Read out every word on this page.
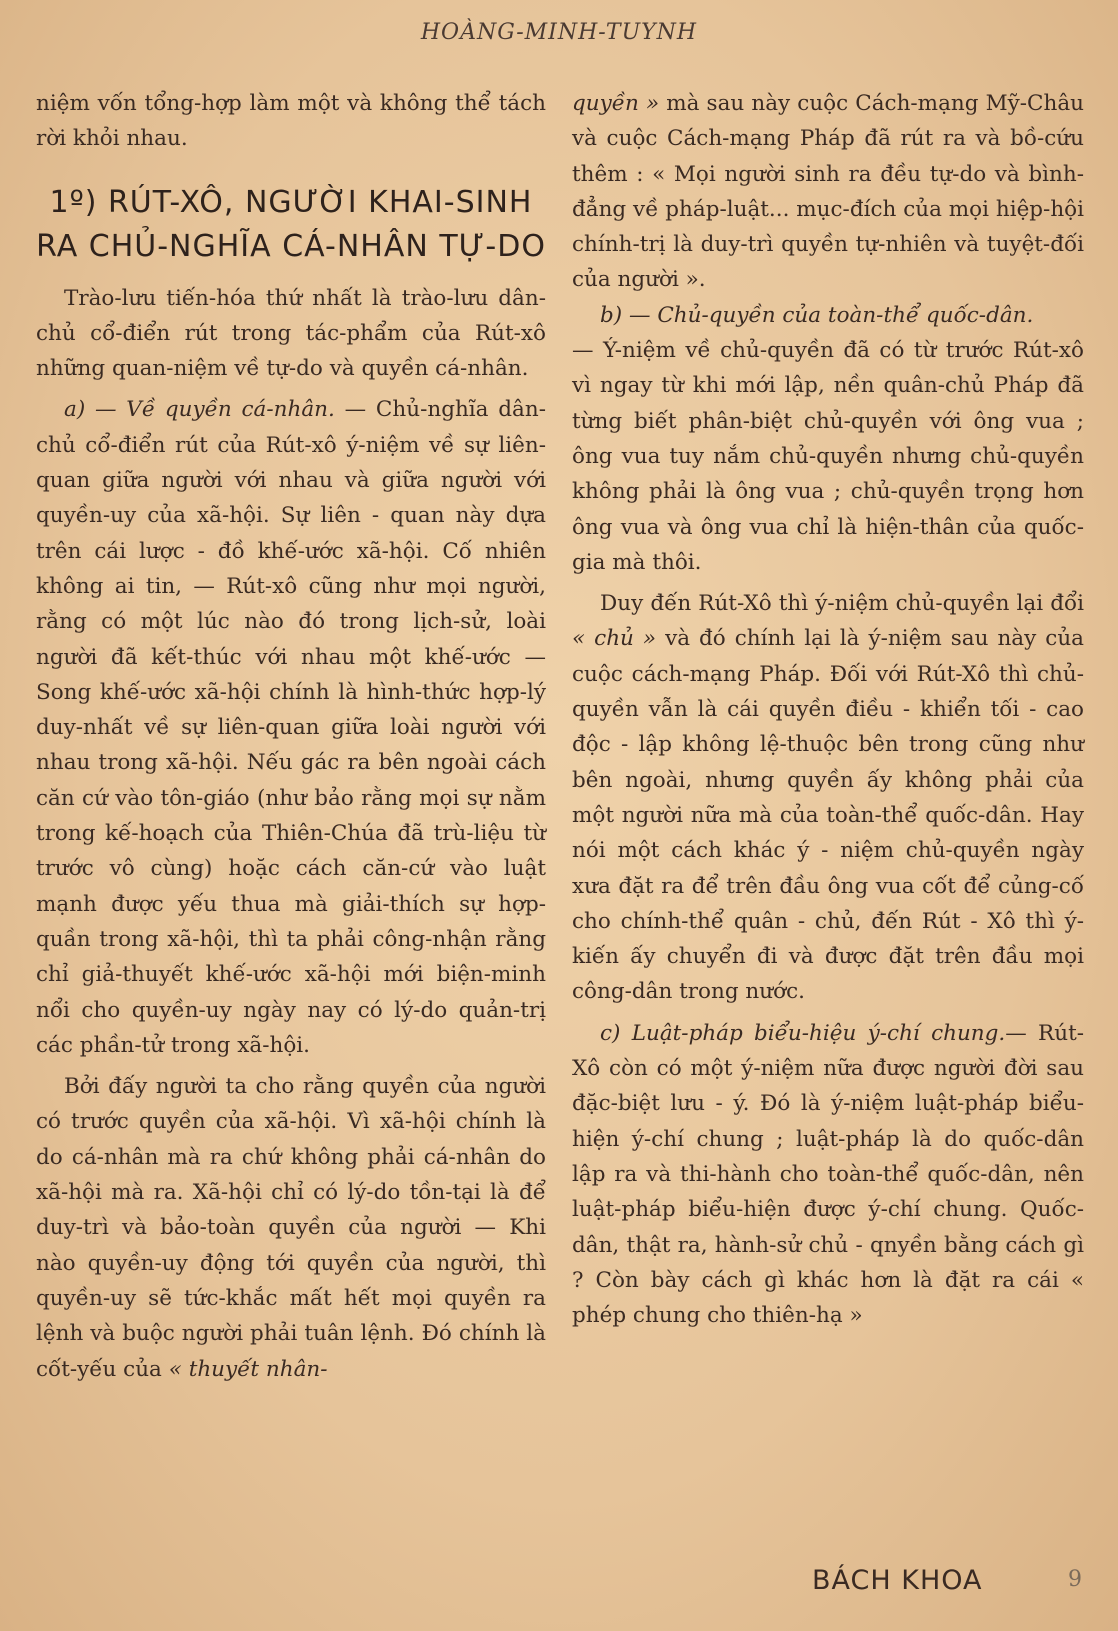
HOÀNG-MINH-TUYNH

niệm vốn tổng-hợp làm một và không thể tách rời khỏi nhau.

1º) RÚT-XÔ, NGƯỜI KHAI-SINH RA CHỦ-NGHĨA CÁ-NHÂN TỰ-DO

Trào-lưu tiến-hóa thứ nhất là trào-lưu dân-chủ cổ-điển rút trong tác-phẩm của Rút-xô những quan-niệm về tự-do và quyền cá-nhân.

a) — Về quyền cá-nhân. — Chủ-nghĩa dân-chủ cổ-điển rút của Rút-xô ý-niệm về sự liên-quan giữa người với nhau và giữa người với quyền-uy của xã-hội. Sự liên - quan này dựa trên cái lược - đồ khế-ước xã-hội. Cố nhiên không ai tin, — Rút-xô cũng như mọi người, rằng có một lúc nào đó trong lịch-sử, loài người đã kết-thúc với nhau một khế-ước — Song khế-ước xã-hội chính là hình-thức hợp-lý duy-nhất về sự liên-quan giữa loài người với nhau trong xã-hội. Nếu gác ra bên ngoài cách căn cứ vào tôn-giáo (như bảo rằng mọi sự nằm trong kế-hoạch của Thiên-Chúa đã trù-liệu từ trước vô cùng) hoặc cách căn-cứ vào luật mạnh được yếu thua mà giải-thích sự hợp-quần trong xã-hội, thì ta phải công-nhận rằng chỉ giả-thuyết khế-ước xã-hội mới biện-minh nổi cho quyền-uy ngày nay có lý-do quản-trị các phần-tử trong xã-hội.

Bởi đấy người ta cho rằng quyền của người có trước quyền của xã-hội. Vì xã-hội chính là do cá-nhân mà ra chứ không phải cá-nhân do xã-hội mà ra. Xã-hội chỉ có lý-do tồn-tại là để duy-trì và bảo-toàn quyền của người — Khi nào quyền-uy động tới quyền của người, thì quyền-uy sẽ tức-khắc mất hết mọi quyền ra lệnh và buộc người phải tuân lệnh. Đó chính là cốt-yếu của « thuyết nhân-

quyền » mà sau này cuộc Cách-mạng Mỹ-Châu và cuộc Cách-mạng Pháp đã rút ra và bồ-cứu thêm : « Mọi người sinh ra đều tự-do và bình-đẳng về pháp-luật... mục-đích của mọi hiệp-hội chính-trị là duy-trì quyền tự-nhiên và tuyệt-đối của người ».

b) — Chủ-quyền của toàn-thể quốc-dân.

— Ý-niệm về chủ-quyền đã có từ trước Rút-xô vì ngay từ khi mới lập, nền quân-chủ Pháp đã từng biết phân-biệt chủ-quyền với ông vua ; ông vua tuy nắm chủ-quyền nhưng chủ-quyền không phải là ông vua ; chủ-quyền trọng hơn ông vua và ông vua chỉ là hiện-thân của quốc-gia mà thôi.

Duy đến Rút-Xô thì ý-niệm chủ-quyền lại đổi « chủ » và đó chính lại là ý-niệm sau này của cuộc cách-mạng Pháp. Đối với Rút-Xô thì chủ-quyền vẫn là cái quyền điều - khiển tối - cao độc - lập không lệ-thuộc bên trong cũng như bên ngoài, nhưng quyền ấy không phải của một người nữa mà của toàn-thể quốc-dân. Hay nói một cách khác ý - niệm chủ-quyền ngày xưa đặt ra để trên đầu ông vua cốt để củng-cố cho chính-thể quân - chủ, đến Rút - Xô thì ý-kiến ấy chuyển đi và được đặt trên đầu mọi công-dân trong nước.

c) Luật-pháp biểu-hiệu ý-chí chung.— Rút-Xô còn có một ý-niệm nữa được người đời sau đặc-biệt lưu - ý. Đó là ý-niệm luật-pháp biểu-hiện ý-chí chung ; luật-pháp là do quốc-dân lập ra và thi-hành cho toàn-thể quốc-dân, nên luật-pháp biểu-hiện được ý-chí chung. Quốc-dân, thật ra, hành-sử chủ - qnyền bằng cách gì ? Còn bày cách gì khác hơn là đặt ra cái « phép chung cho thiên-hạ »

BÁCH KHOA	9
